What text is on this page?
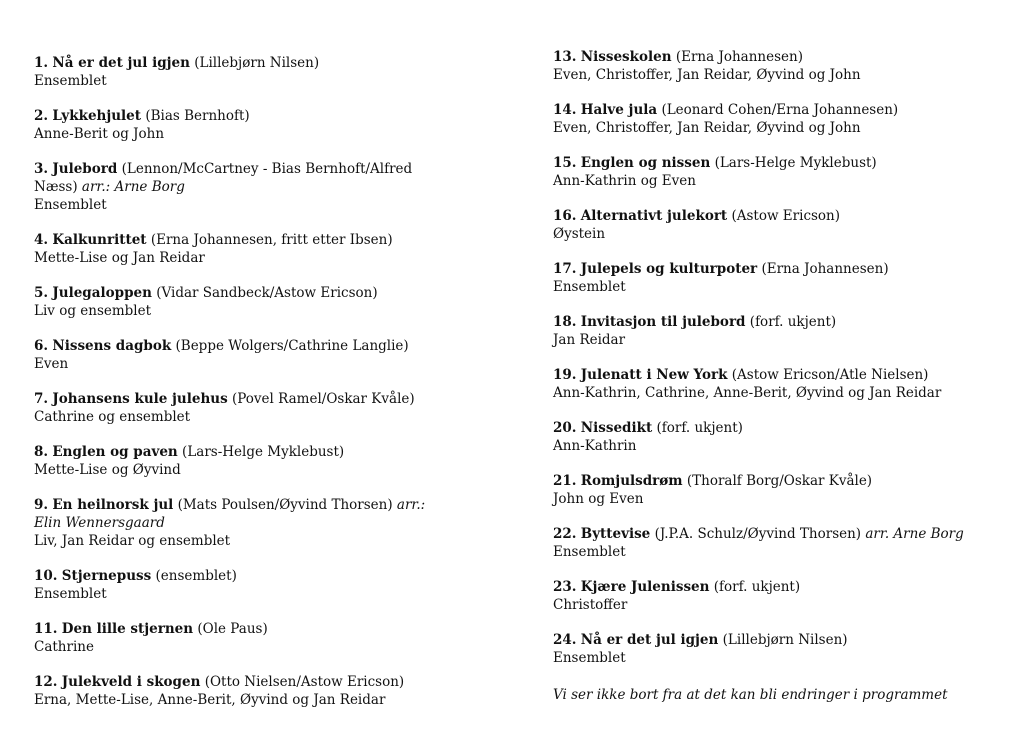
1. Nå er det jul igjen (Lillebjørn Nilsen)
Ensemblet
2. Lykkehjulet (Bias Bernhoft)
Anne-Berit og John
3. Julebord (Lennon/McCartney - Bias Bernhoft/Alfred
Næss) arr.: Arne Borg
Ensemblet
4. Kalkunrittet (Erna Johannesen, fritt etter Ibsen)
Mette-Lise og Jan Reidar
5. Julegaloppen (Vidar Sandbeck/Astow Ericson)
Liv og ensemblet
6. Nissens dagbok (Beppe Wolgers/Cathrine Langlie)
Even
7. Johansens kule julehus (Povel Ramel/Oskar Kvåle)
Cathrine og ensemblet
8. Englen og paven (Lars-Helge Myklebust)
Mette-Lise og Øyvind
9. En heilnorsk jul (Mats Poulsen/Øyvind Thorsen) arr.:
Elin Wennersgaard
Liv, Jan Reidar og ensemblet
10. Stjernepuss (ensemblet)
Ensemblet
11. Den lille stjernen (Ole Paus)
Cathrine
12. Julekveld i skogen (Otto Nielsen/Astow Ericson)
Erna, Mette-Lise, Anne-Berit, Øyvind og Jan Reidar
13. Nisseskolen (Erna Johannesen)
Even, Christoffer, Jan Reidar, Øyvind og John
14. Halve jula (Leonard Cohen/Erna Johannesen)
Even, Christoffer, Jan Reidar, Øyvind og John
15. Englen og nissen (Lars-Helge Myklebust)
Ann-Kathrin og Even
16. Alternativt julekort (Astow Ericson)
Øystein
17. Julepels og kulturpoter (Erna Johannesen)
Ensemblet
18. Invitasjon til julebord (forf. ukjent)
Jan Reidar
19. Julenatt i New York (Astow Ericson/Atle Nielsen)
Ann-Kathrin, Cathrine, Anne-Berit, Øyvind og Jan Reidar
20. Nissedikt (forf. ukjent)
Ann-Kathrin
21. Romjulsdrøm (Thoralf Borg/Oskar Kvåle)
John og Even
22. Byttevise (J.P.A. Schulz/Øyvind Thorsen) arr. Arne Borg
Ensemblet
23. Kjære Julenissen (forf. ukjent)
Christoffer
24. Nå er det jul igjen (Lillebjørn Nilsen)
Ensemblet
Vi ser ikke bort fra at det kan bli endringer i programmet
